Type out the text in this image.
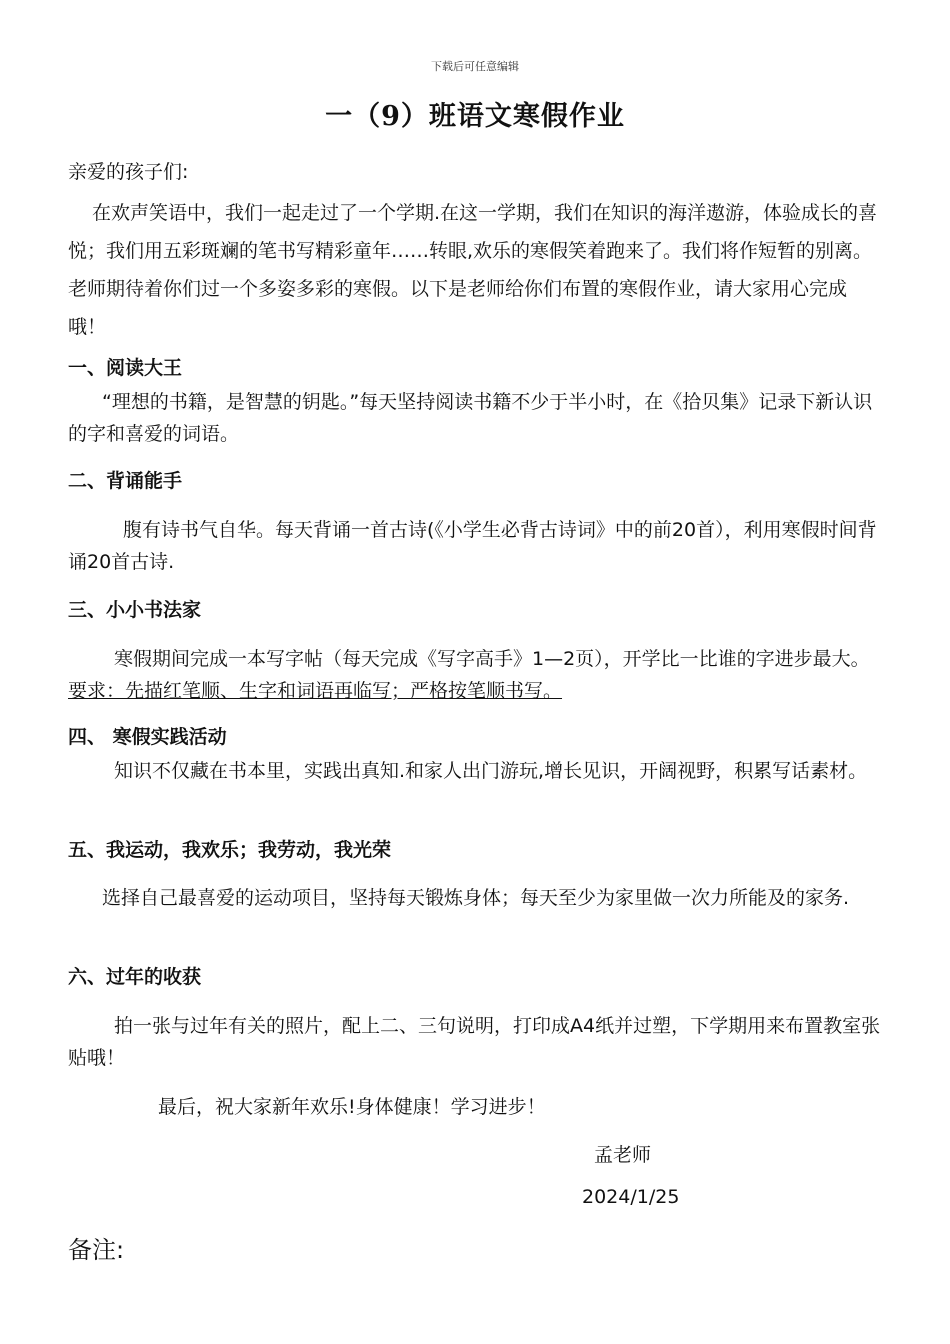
下载后可任意编辑
一（9）班语文寒假作业
亲爱的孩子们:
在欢声笑语中，我们一起走过了一个学期.在这一学期，我们在知识的海洋遨游，体验成长的喜悦；我们用五彩斑斓的笔书写精彩童年……转眼,欢乐的寒假笑着跑来了。我们将作短暂的别离。老师期待着你们过一个多姿多彩的寒假。以下是老师给你们布置的寒假作业，请大家用心完成哦！
一、阅读大王
“理想的书籍，是智慧的钥匙。”每天坚持阅读书籍不少于半小时，在《拾贝集》记录下新认识的字和喜爱的词语。
二、背诵能手
腹有诗书气自华。每天背诵一首古诗(《小学生必背古诗词》中的前20首），利用寒假时间背诵20首古诗.
三、小小书法家
寒假期间完成一本写字帖（每天完成《写字高手》1—2页），开学比一比谁的字进步最大。要求：先描红笔顺、生字和词语再临写；严格按笔顺书写。
四、 寒假实践活动
知识不仅藏在书本里，实践出真知.和家人出门游玩,增长见识，开阔视野，积累写话素材。
五、我运动，我欢乐；我劳动，我光荣
选择自己最喜爱的运动项目，坚持每天锻炼身体；每天至少为家里做一次力所能及的家务.
六、过年的收获
拍一张与过年有关的照片，配上二、三句说明，打印成A4纸并过塑，下学期用来布置教室张贴哦！
最后，祝大家新年欢乐!身体健康！学习进步！
孟老师
2024/1/25
备注:
